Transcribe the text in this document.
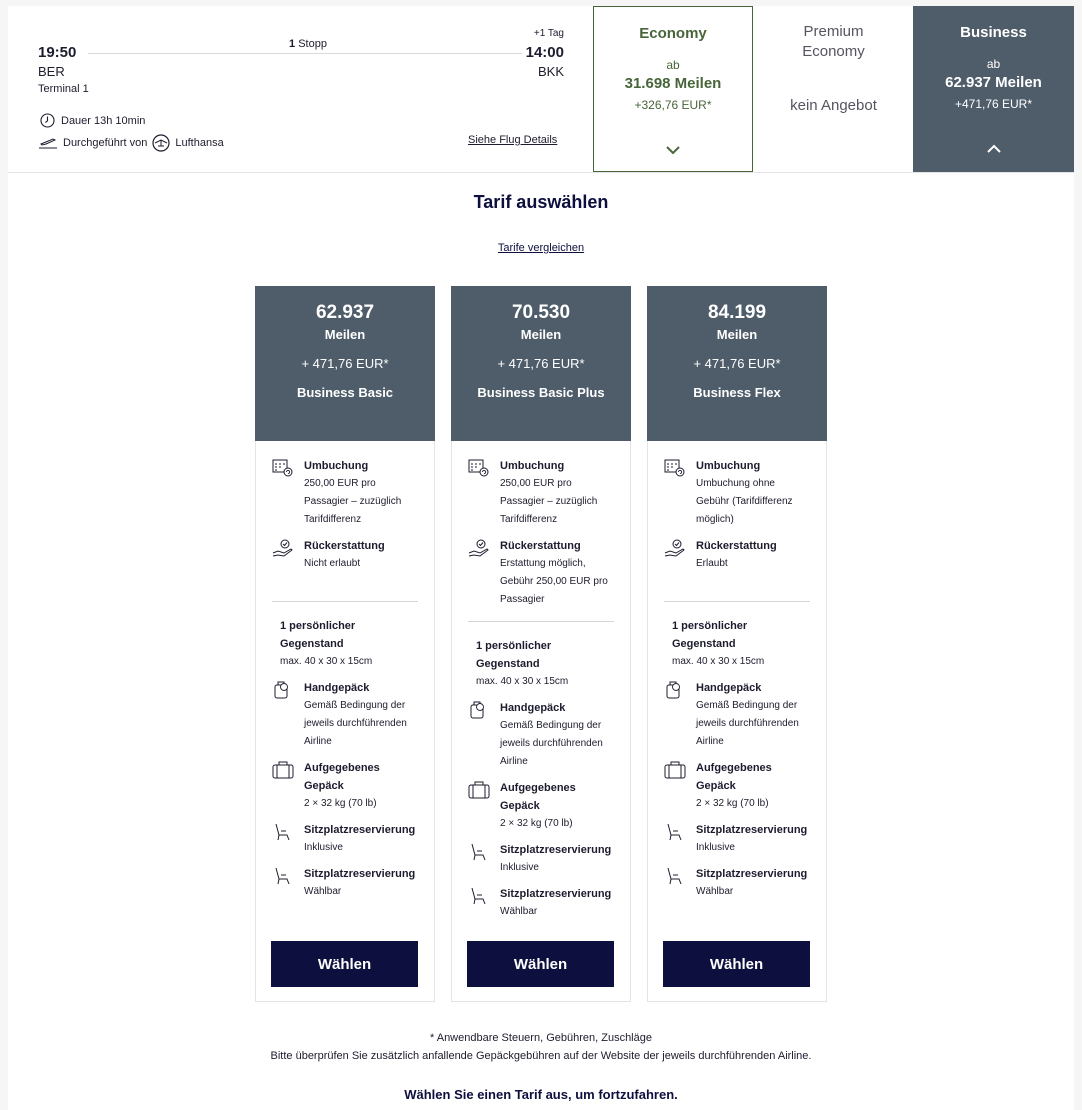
19:50
BER
Terminal 1
1 Stopp
+1 Tag
14:00
BKK
Dauer 13h 10min
Durchgeführt von	Lufthansa	Siehe Flug Details
Economy
ab
31.698 Meilen
+326,76 EUR*
Premium
Economy
kein Angebot
Business
ab
62.937 Meilen
+471,76 EUR*
Tarif auswählen
Tarife vergleichen
62.937
Meilen
+ 471,76 EUR*
Business Basic
Umbuchung
250,00 EUR pro
Passagier – zuzüglich
Tarifdifferenz
Rückerstattung
Nicht erlaubt
1 persönlicher
Gegenstand
max. 40 x 30 x 15cm
Handgepäck
Gemäß Bedingung der
jeweils durchführenden
Airline
Aufgegebenes
Gepäck
2 × 32 kg (70 lb)
Sitzplatzreservierung
Inklusive
Sitzplatzreservierung
Wählbar
Wählen
70.530
Meilen
+ 471,76 EUR*
Business Basic Plus
Umbuchung
250,00 EUR pro
Passagier – zuzüglich
Tarifdifferenz
Rückerstattung
Erstattung möglich,
Gebühr 250,00 EUR pro
Passagier
1 persönlicher
Gegenstand
max. 40 x 30 x 15cm
Handgepäck
Gemäß Bedingung der
jeweils durchführenden
Airline
Aufgegebenes
Gepäck
2 × 32 kg (70 lb)
Sitzplatzreservierung
Inklusive
Sitzplatzreservierung
Wählbar
Wählen
84.199
Meilen
+ 471,76 EUR*
Business Flex
Umbuchung
Umbuchung ohne
Gebühr (Tarifdifferenz
möglich)
Rückerstattung
Erlaubt
1 persönlicher
Gegenstand
max. 40 x 30 x 15cm
Handgepäck
Gemäß Bedingung der
jeweils durchführenden
Airline
Aufgegebenes
Gepäck
2 × 32 kg (70 lb)
Sitzplatzreservierung
Inklusive
Sitzplatzreservierung
Wählbar
Wählen
* Anwendbare Steuern, Gebühren, Zuschläge
Bitte überprüfen Sie zusätzlich anfallende Gepäckgebühren auf der Website der jeweils durchführenden Airline.
Wählen Sie einen Tarif aus, um fortzufahren.
